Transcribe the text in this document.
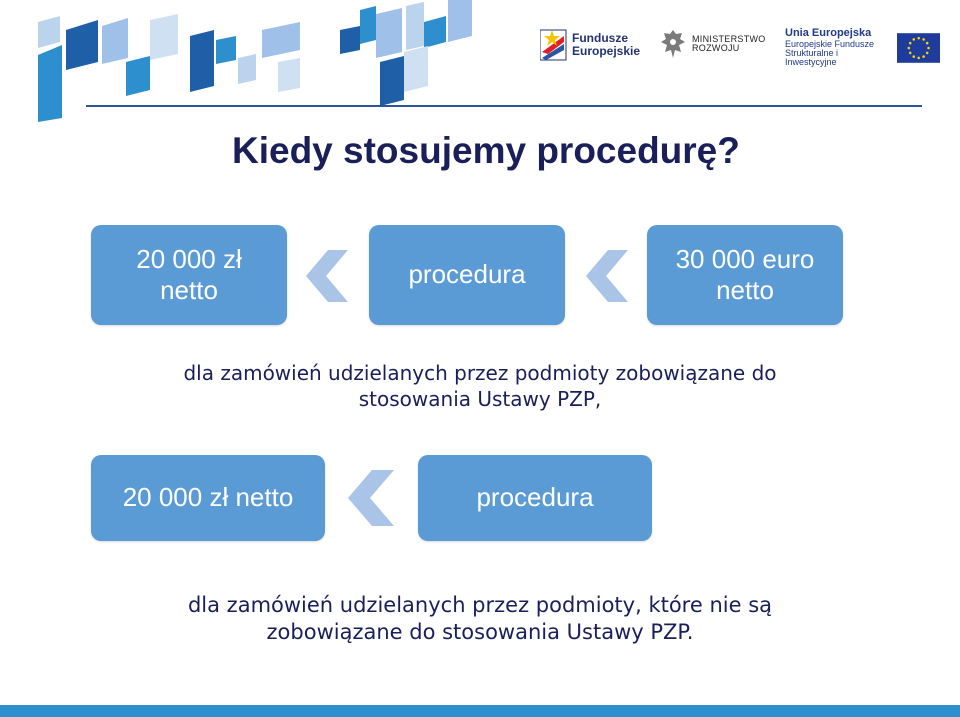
Fundusze
Europejskie
MINISTERSTWO
ROZWOJU
Unia Europejska
Europejskie Fundusze
Strukturalne i Inwestycyjne
Kiedy stosujemy procedurę?
20 000 zł
netto
procedura
30 000 euro
netto

dla zamówień udzielanych przez podmioty zobowiązane do
stosowania Ustawy PZP,

20 000 zł netto	procedura

dla zamówień udzielanych przez podmioty, które nie są
zobowiązane do stosowania Ustawy PZP.
